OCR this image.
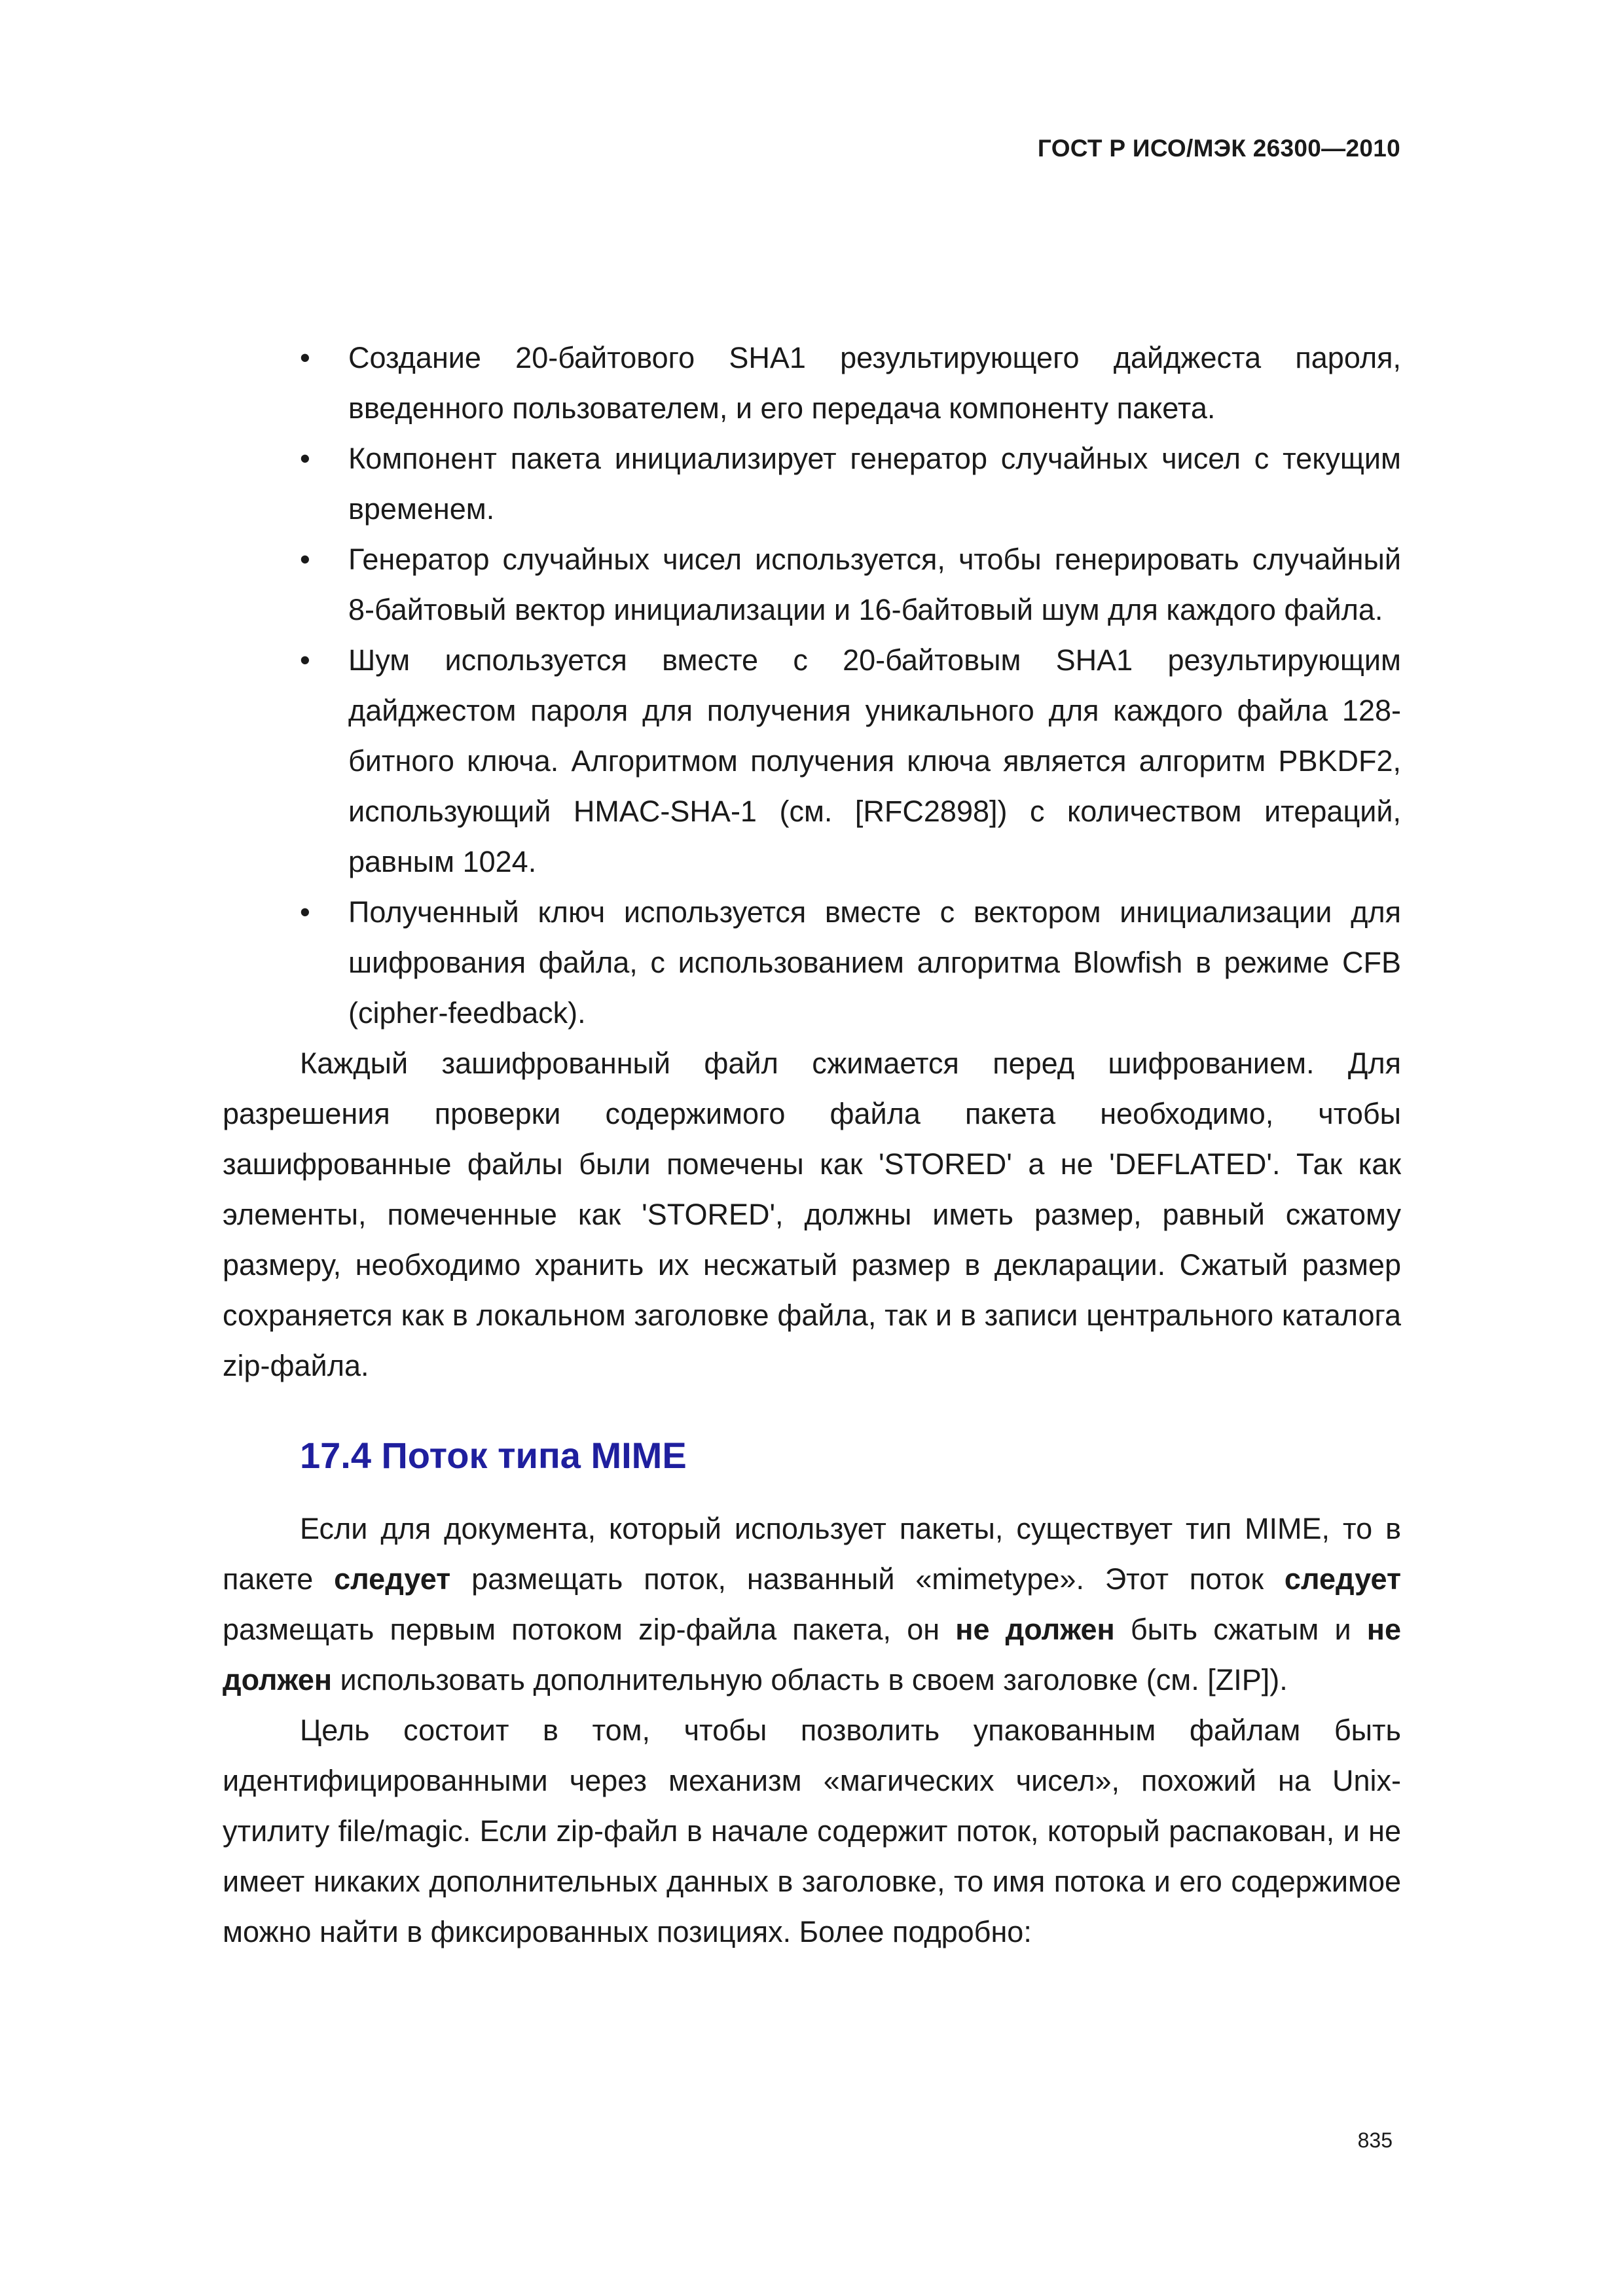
ГОСТ Р ИСО/МЭК 26300—2010
• Создание 20-байтового SHA1 результирующего дайджеста пароля, введенного пользователем, и его передача компоненту пакета.
• Компонент пакета инициализирует генератор случайных чисел с текущим временем.
• Генератор случайных чисел используется, чтобы генерировать случайный 8-байтовый вектор инициализации и 16-байтовый шум для каждого файла.
• Шум используется вместе с 20-байтовым SHA1 результирующим дайджестом пароля для получения уникального для каждого файла 128-битного ключа. Алгоритмом получения ключа является алгоритм PBKDF2, использующий HMAC-SHA-1 (см. [RFC2898]) с количеством итераций, равным 1024.
• Полученный ключ используется вместе с вектором инициализации для шифрования файла, с использованием алгоритма Blowfish в режиме CFB (cipher-feedback).

Каждый зашифрованный файл сжимается перед шифрованием. Для разрешения проверки содержимого файла пакета необходимо, чтобы зашифрованные файлы были помечены как 'STORED' а не 'DEFLATED'. Так как элементы, помеченные как 'STORED', должны иметь размер, равный сжатому размеру, необходимо хранить их несжатый размер в декларации. Сжатый размер сохраняется как в локальном заголовке файла, так и в записи центрального каталога zip-файла.

17.4 Поток типа MIME

Если для документа, который использует пакеты, существует тип MIME, то в пакете следует размещать поток, названный «mimetype». Этот поток следует размещать первым потоком zip-файла пакета, он не должен быть сжатым и не должен использовать дополнительную область в своем заголовке (см. [ZIP]).

Цель состоит в том, чтобы позволить упакованным файлам быть идентифицированными через механизм «магических чисел», похожий на Unix-утилиту file/magic. Если zip-файл в начале содержит поток, который распакован, и не имеет никаких дополнительных данных в заголовке, то имя потока и его содержимое можно найти в фиксированных позициях. Более подробно:

835
